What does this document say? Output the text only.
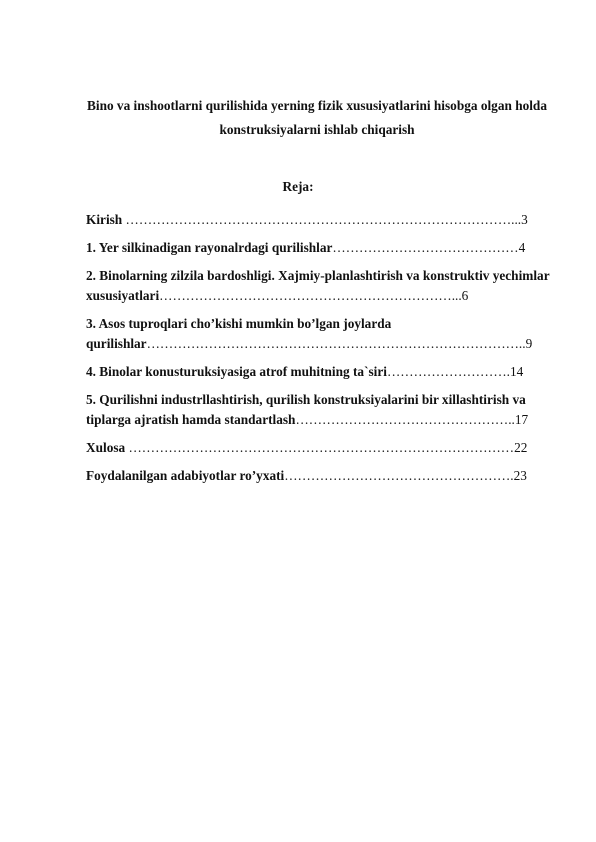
Bino va inshootlarni qurilishida yerning fizik xususiyatlarini hisobga olgan holda konstruksiyalarni ishlab chiqarish
Reja:
Kirish ……………………………………………………………………………...3
1. Yer silkinadigan rayonalrdagi qurilishlar……………………………………4
2. Binolarning zilzila bardoshligi. Xajmiy-planlashtirish va konstruktiv yechimlar xususiyatlari…………………………………………………………...6
3. Asos tuproqlari cho’kishi mumkin bo’lgan joylarda qurilishlar…………………………………………………………………………..9
4. Binolar konusturuksiyasiga atrof muhitning ta`siri……………………….14
5. Qurilishni industrllashtirish, qurilish konstruksiyalarini bir xillashtirish va tiplarga ajratish hamda standartlash…………………………………………..17
Xulosa ……………………………………………………………………………22
Foydalanilgan adabiyotlar ro’yxati…………………………………………….23
